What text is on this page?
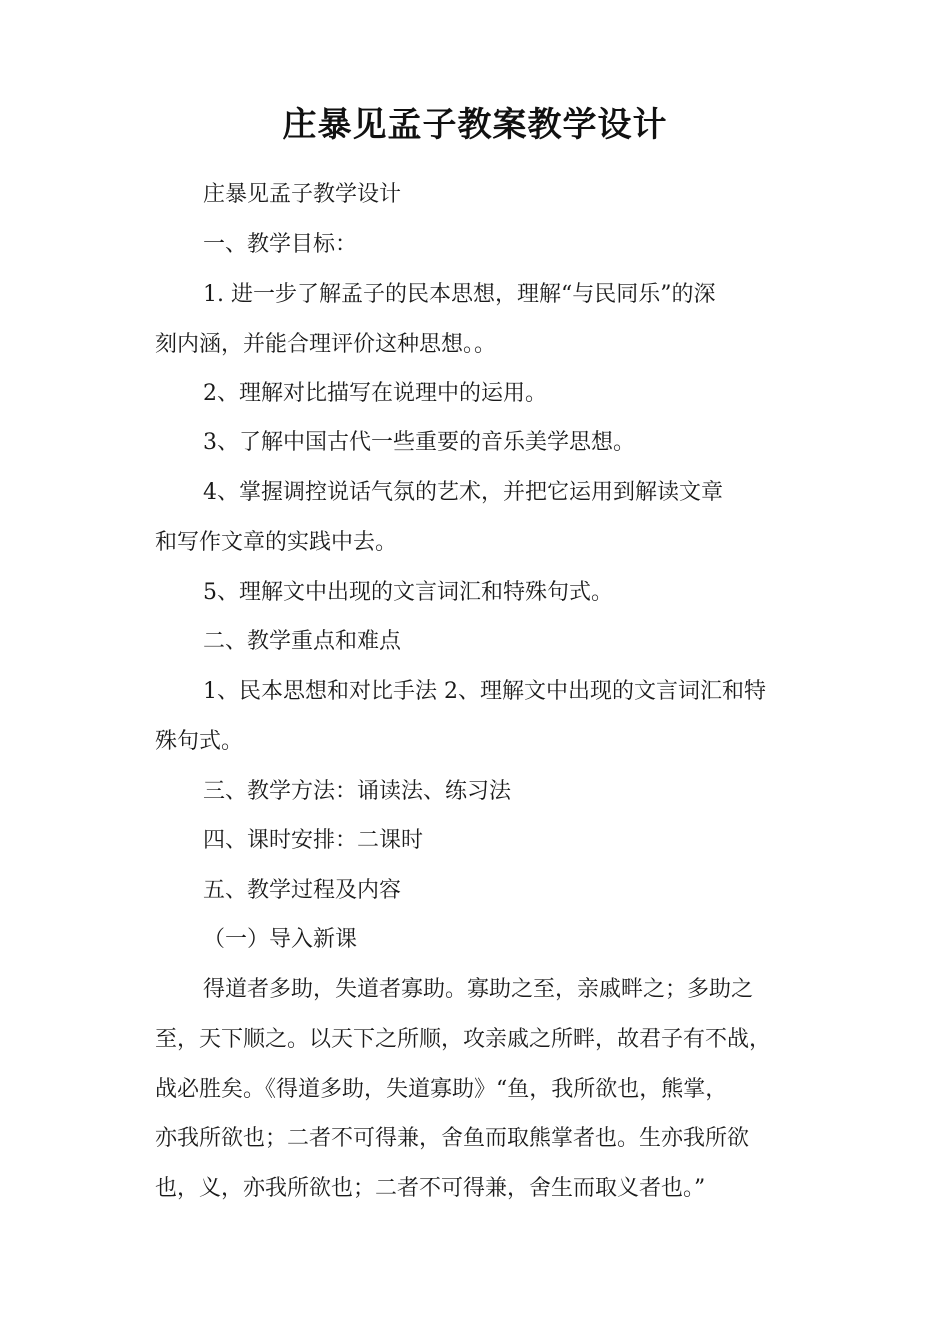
庄暴见孟子教案教学设计
庄暴见孟子教学设计
一、教学目标：
1. 进一步了解孟子的民本思想，理解“与民同乐”的深
刻内涵，并能合理评价这种思想。。
2、理解对比描写在说理中的运用。
3、了解中国古代一些重要的音乐美学思想。
4、掌握调控说话气氛的艺术，并把它运用到解读文章
和写作文章的实践中去。
5、理解文中出现的文言词汇和特殊句式。
二、教学重点和难点
1、民本思想和对比手法 2、理解文中出现的文言词汇和特
殊句式。
三、教学方法：诵读法、练习法
四、课时安排：二课时
五、教学过程及内容
（一）导入新课
得道者多助，失道者寡助。寡助之至，亲戚畔之；多助之
至，天下顺之。以天下之所顺，攻亲戚之所畔，故君子有不战，
战必胜矣。《得道多助，失道寡助》“鱼，我所欲也，熊掌，
亦我所欲也；二者不可得兼，舍鱼而取熊掌者也。生亦我所欲
也，义，亦我所欲也；二者不可得兼，舍生而取义者也。”
